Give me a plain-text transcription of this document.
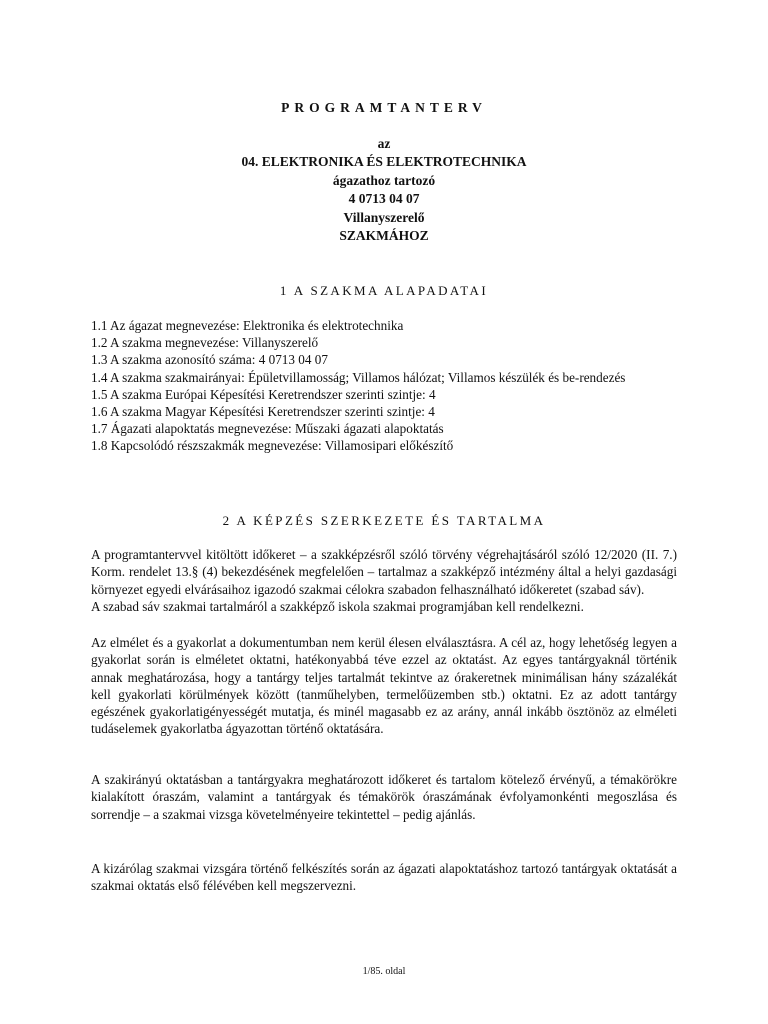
PROGRAMTANTERV
az
04. ELEKTRONIKA ÉS ELEKTROTECHNIKA
ágazathoz tartozó
4 0713 04 07
Villanyszerelő
SZAKMÁHOZ
1 A SZAKMA ALAPADATAI
1.1 Az ágazat megnevezése: Elektronika és elektrotechnika
1.2 A szakma megnevezése: Villanyszerelő
1.3 A szakma azonosító száma: 4 0713 04 07
1.4 A szakma szakmairányai: Épületvillamosság; Villamos hálózat; Villamos készülék és be-rendezés
1.5 A szakma Európai Képesítési Keretrendszer szerinti szintje: 4
1.6 A szakma Magyar Képesítési Keretrendszer szerinti szintje: 4
1.7 Ágazati alapoktatás megnevezése: Műszaki ágazati alapoktatás
1.8 Kapcsolódó részszakmák megnevezése: Villamosipari előkészítő
2 A KÉPZÉS SZERKEZETE ÉS TARTALMA

A programtantervvel kitöltött időkeret – a szakképzésről szóló törvény végrehajtásáról szóló 12/2020 (II. 7.) Korm. rendelet 13.§ (4) bekezdésének megfelelően – tartalmaz a szakképző intézmény által a helyi gazdasági környezet egyedi elvárásaihoz igazodó szakmai célokra szabadon felhasználható időkeretet (szabad sáv).

A szabad sáv szakmai tartalmáról a szakképző iskola szakmai programjában kell rendelkezni.

Az elmélet és a gyakorlat a dokumentumban nem kerül élesen elválasztásra. A cél az, hogy lehetőség legyen a gyakorlat során is elméletet oktatni, hatékonyabbá téve ezzel az oktatást. Az egyes tantárgyaknál történik annak meghatározása, hogy a tantárgy teljes tartalmát tekintve az órakeretnek minimálisan hány százalékát kell gyakorlati körülmények között (tanműhelyben, termelőüzemben stb.) oktatni. Ez az adott tantárgy egészének gyakorlatigényességét mutatja, és minél magasabb ez az arány, annál inkább ösztönöz az elméleti tudáselemek gyakorlatba ágyazottan történő oktatására.

A szakirányú oktatásban a tantárgyakra meghatározott időkeret és tartalom kötelező érvényű, a témakörökre kialakított óraszám, valamint a tantárgyak és témakörök óraszámának évfolyamonkénti megoszlása és sorrendje – a szakmai vizsga követelményeire tekintettel – pedig ajánlás.

A kizárólag szakmai vizsgára történő felkészítés során az ágazati alapoktatáshoz tartozó tantárgyak oktatását a szakmai oktatás első félévében kell megszervezni.

1/85. oldal
